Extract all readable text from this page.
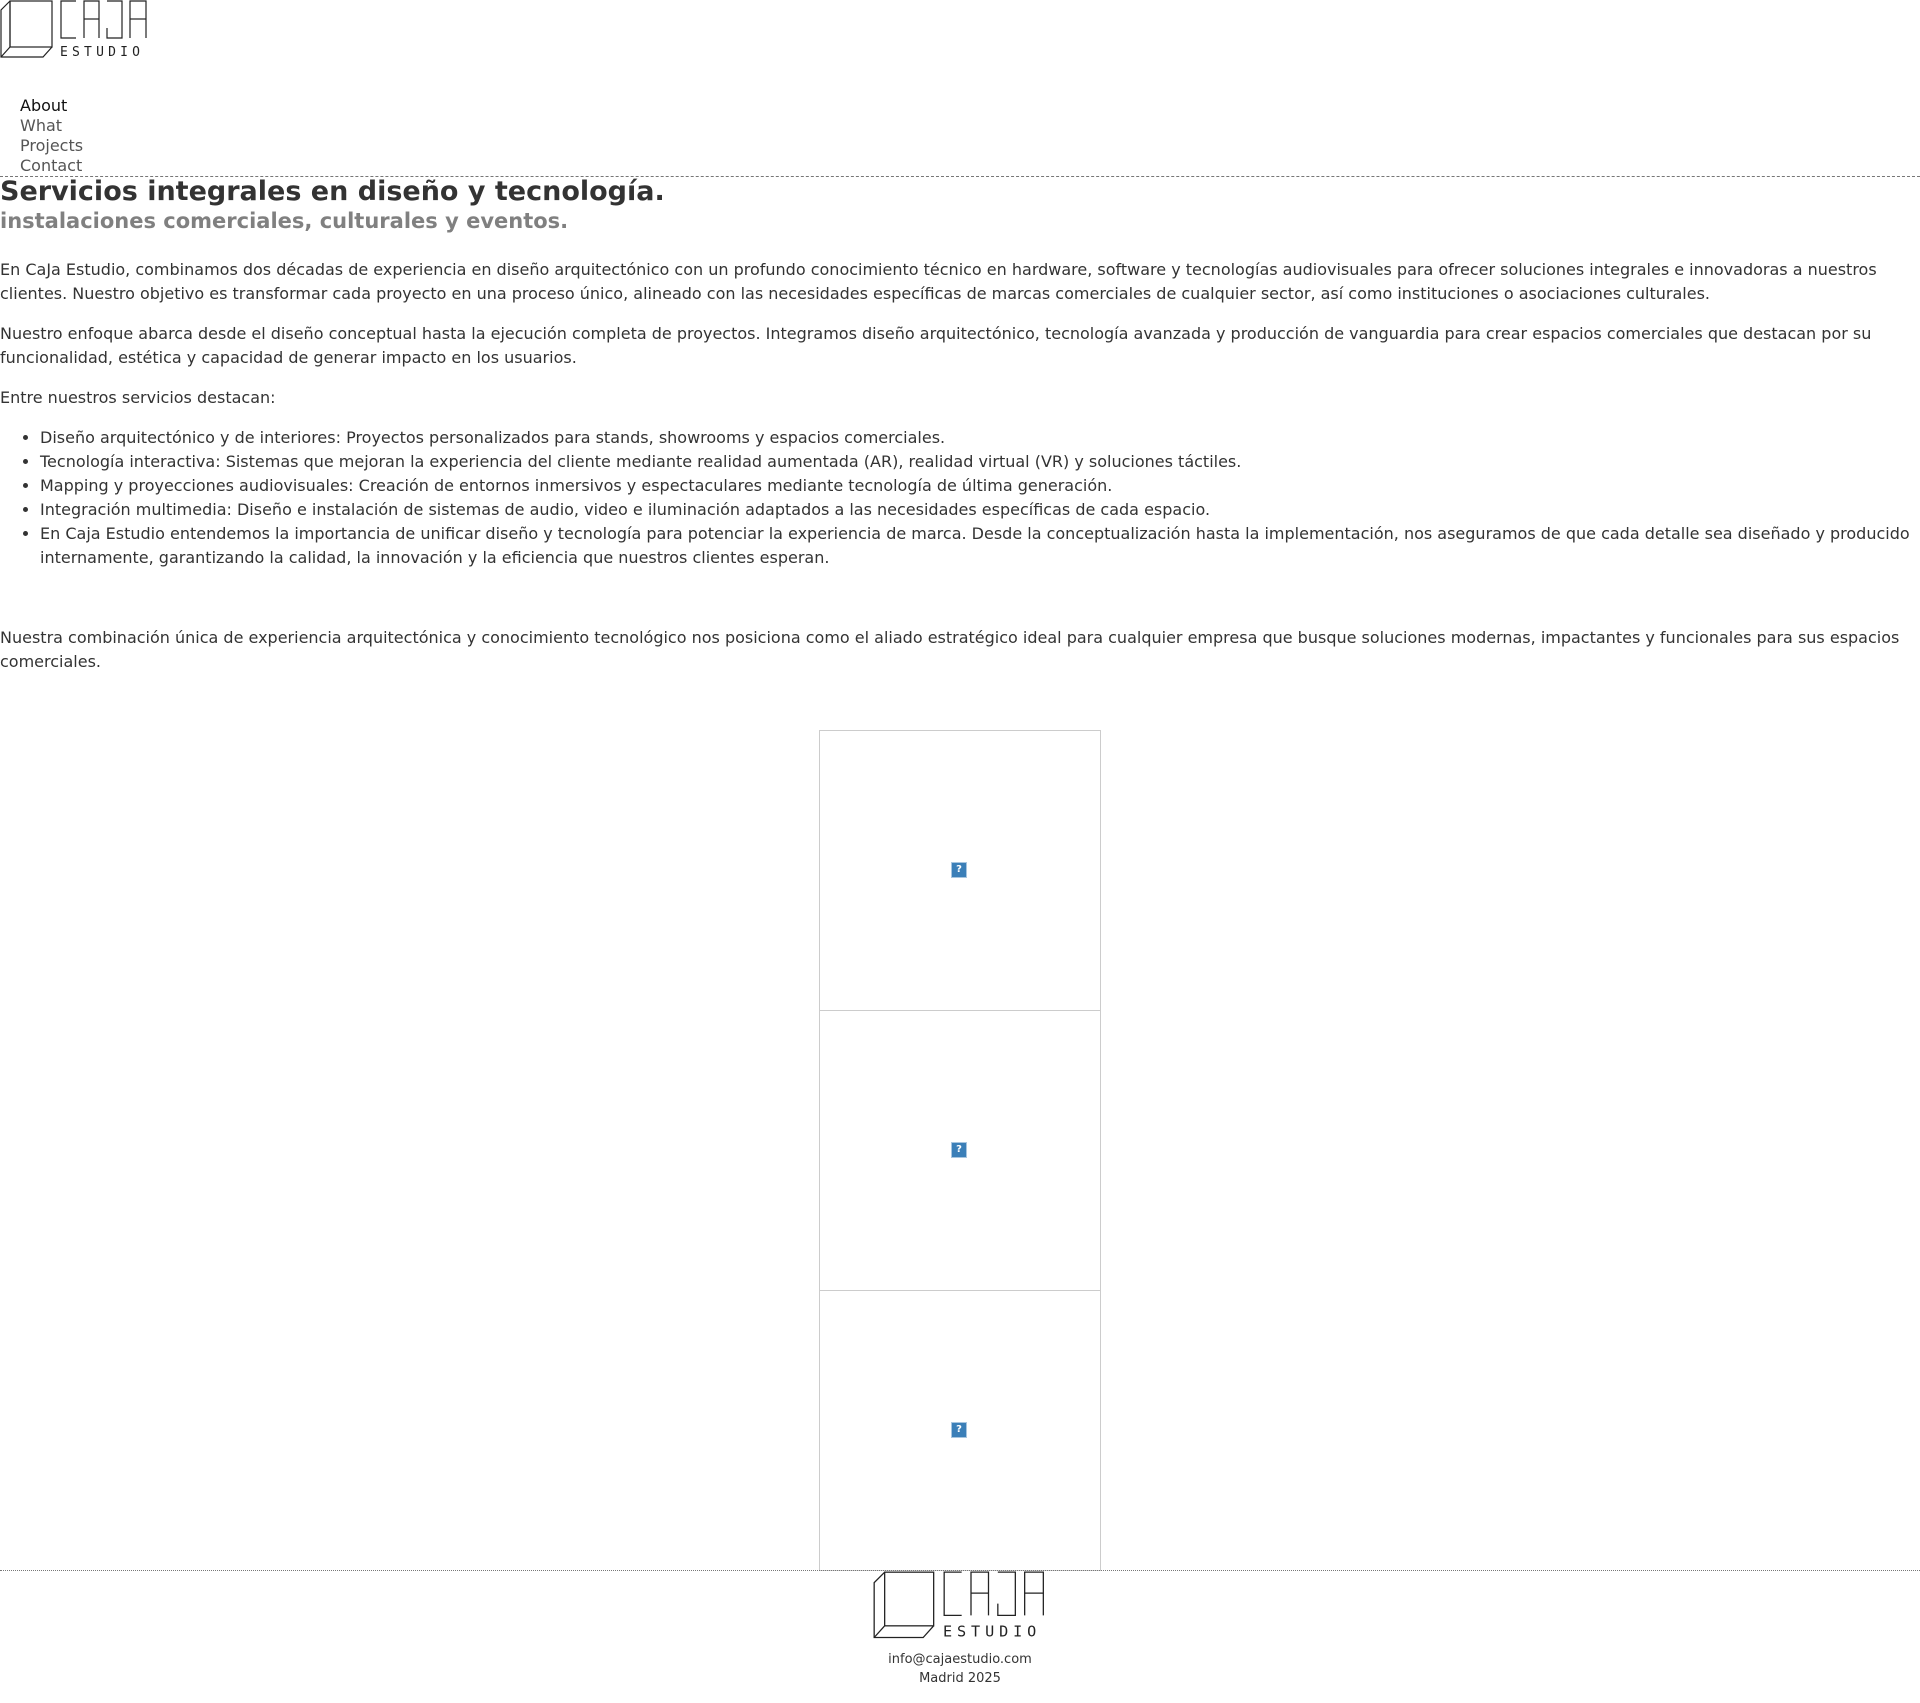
ESTUDIO
About
What
Projects
Contact
Servicios integrales en diseño y tecnología.
instalaciones comerciales, culturales y eventos.

En CaJa Estudio, combinamos dos décadas de experiencia en diseño arquitectónico con un profundo conocimiento técnico en hardware, software y tecnologías audiovisuales para ofrecer soluciones integrales e innovadoras a nuestros clientes. Nuestro objetivo es transformar cada proyecto en una proceso único, alineado con las necesidades específicas de marcas comerciales de cualquier sector, así como instituciones o asociaciones culturales.

Nuestro enfoque abarca desde el diseño conceptual hasta la ejecución completa de proyectos. Integramos diseño arquitectónico, tecnología avanzada y producción de vanguardia para crear espacios comerciales que destacan por su funcionalidad, estética y capacidad de generar impacto en los usuarios.

Entre nuestros servicios destacan:

• Diseño arquitectónico y de interiores: Proyectos personalizados para stands, showrooms y espacios comerciales.
• Tecnología interactiva: Sistemas que mejoran la experiencia del cliente mediante realidad aumentada (AR), realidad virtual (VR) y soluciones táctiles.
• Mapping y proyecciones audiovisuales: Creación de entornos inmersivos y espectaculares mediante tecnología de última generación.
• Integración multimedia: Diseño e instalación de sistemas de audio, video e iluminación adaptados a las necesidades específicas de cada espacio.
• En Caja Estudio entendemos la importancia de unificar diseño y tecnología para potenciar la experiencia de marca. Desde la conceptualización hasta la implementación, nos aseguramos de que cada detalle sea diseñado y producido internamente, garantizando la calidad, la innovación y la eficiencia que nuestros clientes esperan.

Nuestra combinación única de experiencia arquitectónica y conocimiento tecnológico nos posiciona como el aliado estratégico ideal para cualquier empresa que busque soluciones modernas, impactantes y funcionales para sus espacios comerciales.

?
?
?
ESTUDIO
info@cajaestudio.com
Madrid 2025
